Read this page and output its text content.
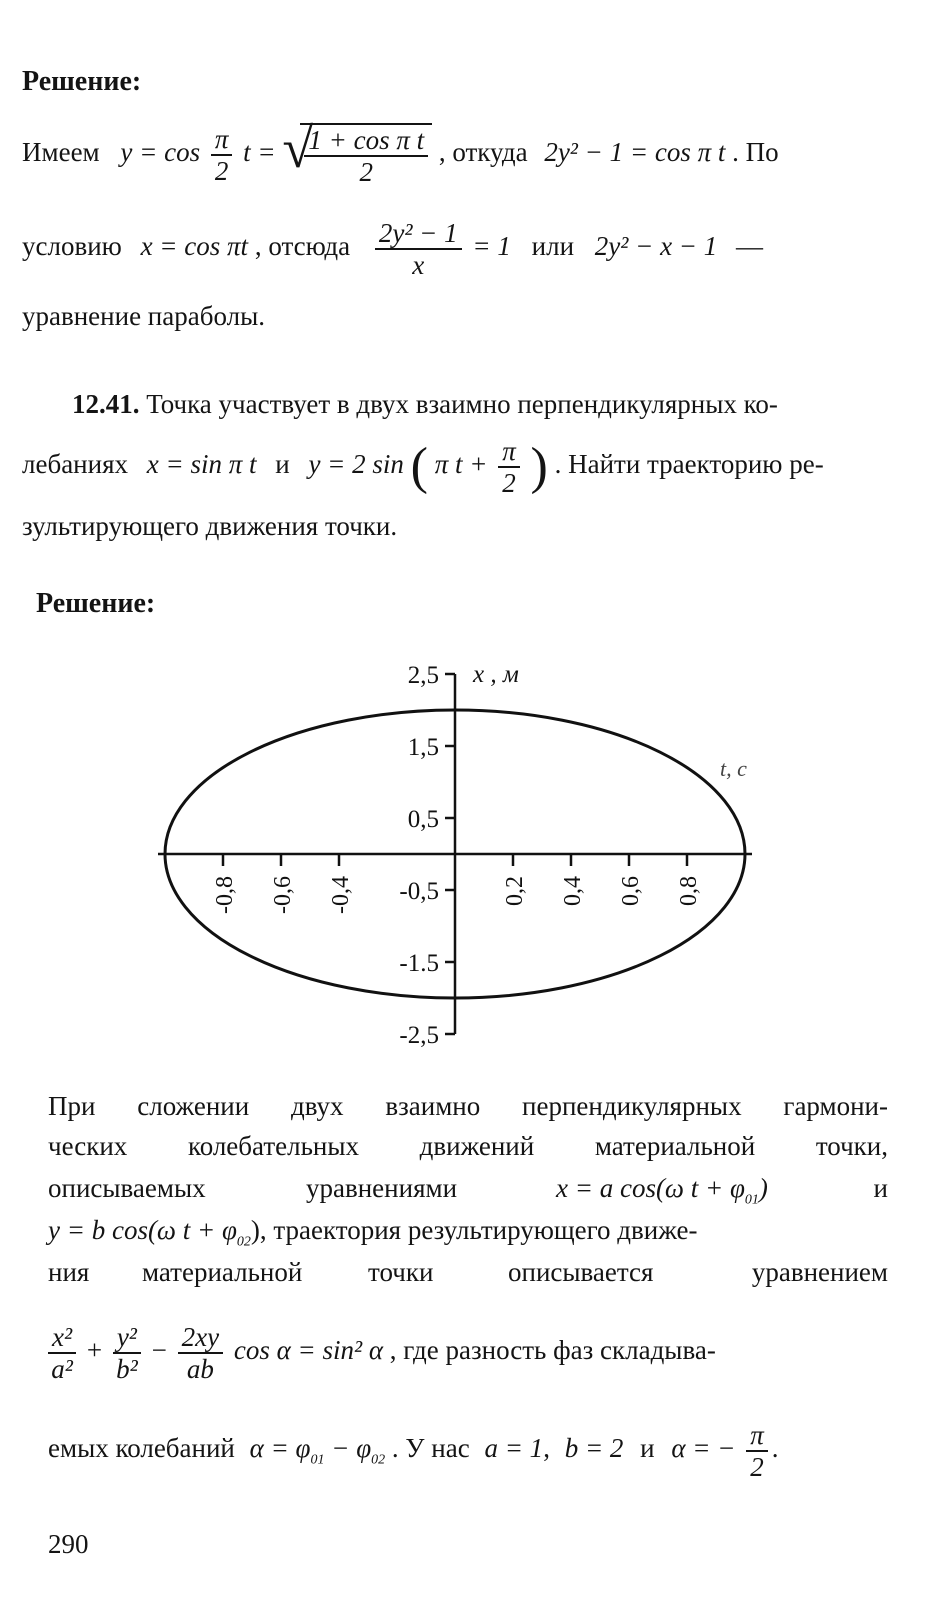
Решение:
Имеем $y = \cos \frac{\pi}{2}$ t = √
$\frac{\text{1 + cos π t}}{2}$ , откуда 2y² − 1 = cos π t . По
условию x = cos πt , отсюда $\frac{\text{2y² − 1}}{x} = 1$ или 2y² − x − 1 —
уравнение параболы.
12.41. Точка участвует в двух взаимно перпендикулярных ко-
лебаниях x = sin π t и y = 2 sin ( π $t + \frac{\pi}{2}$ ) . Найти траекторию ре-
зультирующего движения точки.
Решение:
2,5
1,5
0,5
-0,5
-1.5
-2,5
-0,8 -0,6 -0,4	0,2 0,4 0,6 0,8
x , м
t, c
При сложении двух взаимно перпендикулярных гармони-
ческих колебательных движений материальной точки,
описываемых	уравнениями	x = a cos(ω $t + \varphi_{01}$)	и
y = b cos(ω $t + \varphi_{02}$), траектория результирующего движе-
ния материальной точки	описывается	уравнением
$\frac{\text{x²}}{\text{a²}} + \frac{\text{y²}}{\text{b²}} - \frac{2xy}{ab}$ cos α = sin² α , где разность фаз складыва-
емых колебаний $\alpha = \varphi_{01} - \varphi_{02}$ . У нас a = 1, b = 2 и α = − $\frac{\pi}{2}$ .
290
